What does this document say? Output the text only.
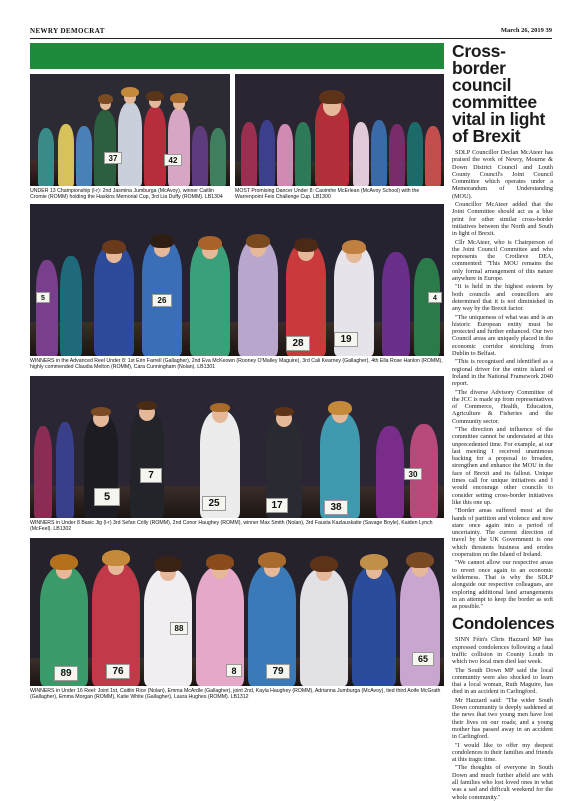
NEWRY DEMOCRAT	March 26, 2019 39
37	42
UNDER 13 Championship (l-r): 2nd Jasmina Jumburga (McAvoy), winner Caitlin Cromie (ROMM) holding the Haskins Memorial Cup, 3rd Lia Duffy (ROMM). LB1304
MOST Promising Dancer Under 8: Caoimhe McErlean (McAvoy School) with the Warrenpoint Feis Challenge Cup. LB1300
5	26
28	19
4
WINNERS in the Advanced Reel Under 8: 1st Erin Farrell (Gallagher), 2nd Eva McKeown (Rooney O'Malley Maguire), 3rd Cali Kearney (Gallagher), 4th Ella Rose Hanlon (ROMM), highly commended Claudia Melton (ROMM), Cara Cunningham (Nolan). LB1301
5
7
25	17	38
30
WINNERS in Under 8 Basic Jig (l-r) 3rd Sefan Crilly (ROMM), 2nd Conor Haughey (ROMM), winner Max Smith (Nolan), 3rd Fausta Kazlauskaite (Savage Boyle), Kaiden Lynch (McFeel). LB1302
89	76
88
8	79
65
WINNERS in Under 16 Reel: Joint 1st, Caitlin Rice (Nolan), Emma McArdle (Gallagher), joint 2nd, Kayla Haughey (ROMM), Adrianna Jumburga (McAvoy), tied third Aoife McGrath (Gallagher), Emma Morgan (ROMM), Katie White (Gallagher), Laura Hughes (ROMM). LB1312
Cross-border council committee vital in light of Brexit

SDLP Councillor Declan McAteer has praised the work of Newry, Mourne & Down District Council and Louth County Council's Joint Council Committee which operates under a Memorandum of Understanding (MOU).

Councillor McAteer added that the Joint Committee should act as a blue print for other similar cross-border initiatives between the North and South in light of Brexit.

Cllr McAteer, who is Chairperson of the Joint Council Committee and who represents the Crotlieve DEA, commented: "This MOU remains the only formal arrangement of this nature anywhere in Europe.

"It is held in the highest esteem by both councils and councillors are determined that it is not diminished in any way by the Brexit factor.

"The uniqueness of what was and is an historic European entity must be protected and further enhanced. Our two Council areas are uniquely placed in the economic corridor stretching from Dublin to Belfast.

"This is recognised and identified as a regional driver for the entire island of Ireland in the National Framework 2040 report.

"The diverse Advisory Committee of the JCC is made up from representatives of Commerce, Health, Education, Agriculture & Fisheries and the Community sector.

"The direction and influence of the committee cannot be understated at this unprecedented time. For example, at our last meeting I received unanimous backing for a proposal to broaden, strengthen and enhance the MOU in the face of Brexit and its fallout. Unique times call for unique initiatives and I would encourage other councils to consider setting cross-border initiatives like this one up.

"Border areas suffered most at the hands of partition and violence and now stare once again into a period of uncertainty. The current direction of travel by the UK Government is one which threatens business and erodes cooperation on the Island of Ireland.

"We cannot allow our respective areas to revert once again to an economic wilderness. That is why the SDLP alongside our respective colleagues, are exploring additional land arrangements in an attempt to keep the border as soft as possible."

Condolences

SINN Féin's Chris Hazzard MP has expressed condolences following a fatal traffic collision in County Louth in which two local men died last week.

The South Down MP said the local community were also shocked to learn that a local woman, Ruth Maguire, has died in an accident in Carlingford.

Mr Hazzard said: "The wider South Down community is deeply saddened at the news that two young men have lost their lives on our roads; and a young mother has passed away in an accident in Carlingford.

"I would like to offer my deepest condolences to their families and friends at this tragic time.

"The thoughts of everyone in South Down and much further afield are with all families who lost loved ones in what was a sad and difficult weekend for the whole community."
